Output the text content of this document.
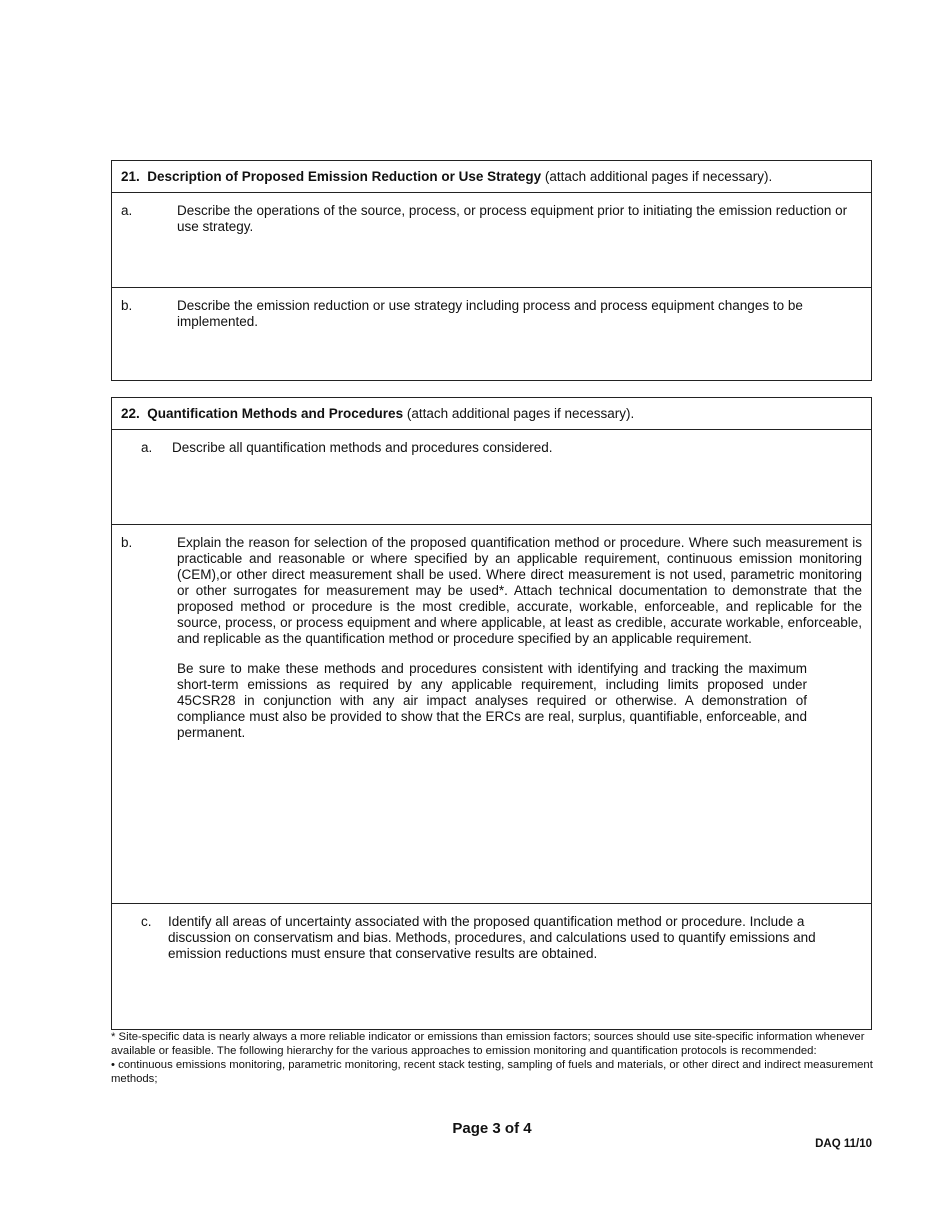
21. Description of Proposed Emission Reduction or Use Strategy (attach additional pages if necessary).
a.	Describe the operations of the source, process, or process equipment prior to initiating the emission reduction or use strategy.
b.	Describe the emission reduction or use strategy including process and process equipment changes to be implemented.
22. Quantification Methods and Procedures (attach additional pages if necessary).
a. Describe all quantification methods and procedures considered.
b.	Explain the reason for selection of the proposed quantification method or procedure. Where such measurement is practicable and reasonable or where specified by an applicable requirement, continuous emission monitoring (CEM),or other direct measurement shall be used. Where direct measurement is not used, parametric monitoring or other surrogates for measurement may be used*. Attach technical documentation to demonstrate that the proposed method or procedure is the most credible, accurate, workable, enforceable, and replicable for the source, process, or process equipment and where applicable, at least as credible, accurate workable, enforceable, and replicable as the quantification method or procedure specified by an applicable requirement.
Be sure to make these methods and procedures consistent with identifying and tracking the maximum short-term emissions as required by any applicable requirement, including limits proposed under 45CSR28 in conjunction with any air impact analyses required or otherwise. A demonstration of compliance must also be provided to show that the ERCs are real, surplus, quantifiable, enforceable, and permanent.
c. Identify all areas of uncertainty associated with the proposed quantification method or procedure. Include a discussion on conservatism and bias. Methods, procedures, and calculations used to quantify emissions and emission reductions must ensure that conservative results are obtained.

* Site-specific data is nearly always a more reliable indicator or emissions than emission factors; sources should use site-specific information whenever available or feasible. The following hierarchy for the various approaches to emission monitoring and quantification protocols is recommended:

• continuous emissions monitoring, parametric monitoring, recent stack testing, sampling of fuels and materials, or other direct and indirect measurement methods;

Page 3 of 4
DAQ 11/10
